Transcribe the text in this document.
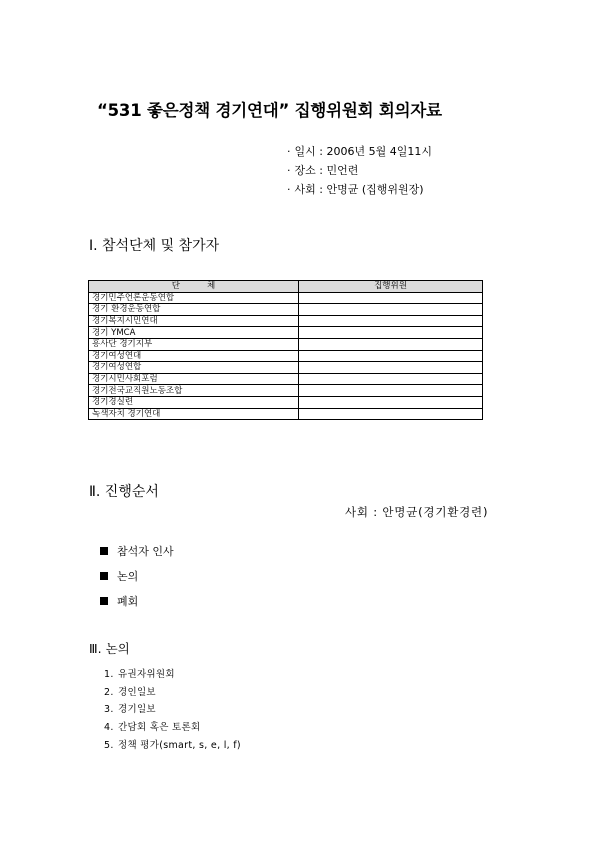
“531 좋은정책 경기연대” 집행위원회 회의자료
· 일시 : 2006년 5월 4일11시
· 장소 : 민언련
· 사회 : 안명균 (집행위원장)
Ⅰ. 참석단체 및 참가자
단          체	집행위원
경기민주언론운동연합	
경기 환경운동연합	
경기복지시민연대	
경기 YMCA	
흥사단 경기지부	
경기여성연대	
경기여성연합	
경기시민사회포럼	
경기전국교직원노동조합	
경기경실련	
녹색자치 경기연대	
Ⅱ. 진행순서
사회 : 안명균(경기환경련)
참석자 인사
논의
폐회
Ⅲ. 논의
1. 유권자위원회
2. 경인일보
3. 경기일보
4. 간담회 혹은 토론회
5. 정책 평가(smart, s, e, l, f)
